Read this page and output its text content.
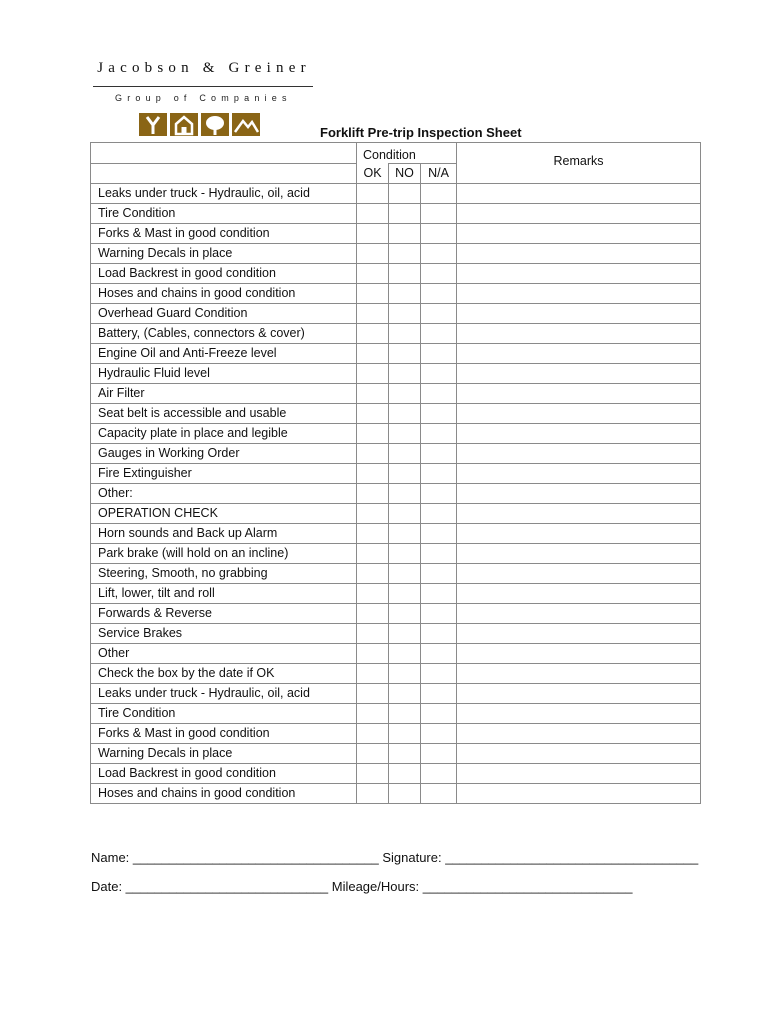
Jacobson & Greiner
Group of Companies
Forklift Pre-trip Inspection Sheet
	Condition			Remarks
	OK	NO	N/A	
Leaks under truck - Hydraulic, oil, acid				
Tire Condition				
Forks & Mast in good condition				
Warning Decals in place				
Load Backrest in good condition				
Hoses and chains in good condition				
Overhead Guard Condition				
Battery, (Cables, connectors & cover)				
Engine Oil and Anti-Freeze level				
Hydraulic Fluid level				
Air Filter				
Seat belt is accessible and usable				
Capacity plate in place and legible				
Gauges in Working Order				
Fire Extinguisher				
Other:				
OPERATION CHECK				
Horn sounds and Back up Alarm				
Park brake (will hold on an incline)				
Steering, Smooth, no grabbing				
Lift, lower, tilt and roll				
Forwards & Reverse				
Service Brakes				
Other				
Check the box by the date if OK				
Leaks under truck - Hydraulic, oil, acid				
Tire Condition				
Forks & Mast in good condition				
Warning Decals in place				
Load Backrest in good condition				
Hoses and chains in good condition				
Name: __________________________________ Signature: ___________________________________
Date: ____________________________ Mileage/Hours: _____________________________
